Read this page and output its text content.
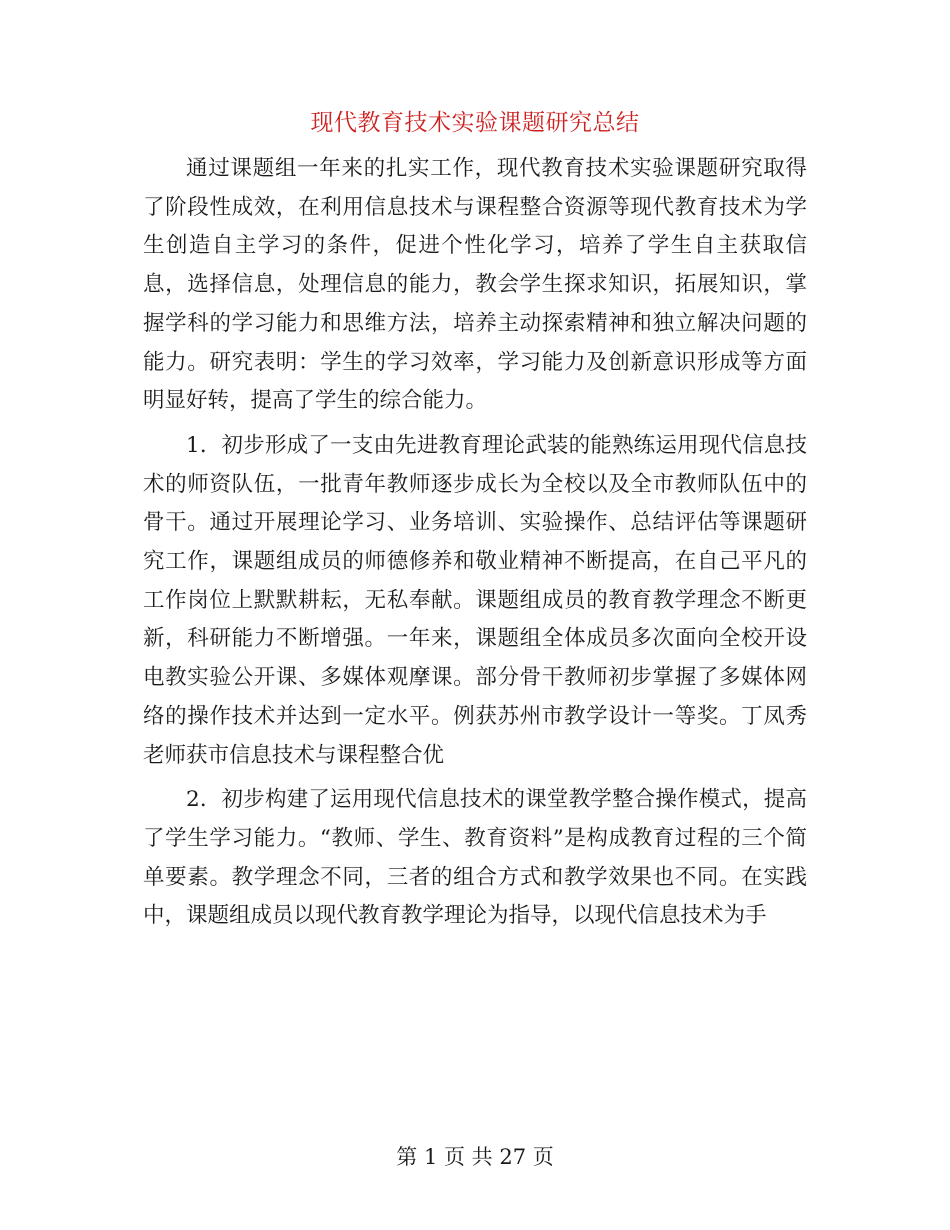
现代教育技术实验课题研究总结

通过课题组一年来的扎实工作，现代教育技术实验课题研究取得了阶段性成效，在利用信息技术与课程整合资源等现代教育技术为学生创造自主学习的条件，促进个性化学习，培养了学生自主获取信息，选择信息，处理信息的能力，教会学生探求知识，拓展知识，掌握学科的学习能力和思维方法，培养主动探索精神和独立解决问题的能力。研究表明：学生的学习效率，学习能力及创新意识形成等方面明显好转，提高了学生的综合能力。

1．初步形成了一支由先进教育理论武装的能熟练运用现代信息技术的师资队伍，一批青年教师逐步成长为全校以及全市教师队伍中的骨干。通过开展理论学习、业务培训、实验操作、总结评估等课题研究工作，课题组成员的师德修养和敬业精神不断提高，在自己平凡的工作岗位上默默耕耘，无私奉献。课题组成员的教育教学理念不断更新，科研能力不断增强。一年来，课题组全体成员多次面向全校开设电教实验公开课、多媒体观摩课。部分骨干教师初步掌握了多媒体网络的操作技术并达到一定水平。例获苏州市教学设计一等奖。丁凤秀老师获市信息技术与课程整合优

2．初步构建了运用现代信息技术的课堂教学整合操作模式，提高了学生学习能力。“教师、学生、教育资料”是构成教育过程的三个简单要素。教学理念不同，三者的组合方式和教学效果也不同。在实践中，课题组成员以现代教育教学理论为指导，以现代信息技术为手

第 1 页 共 27 页
